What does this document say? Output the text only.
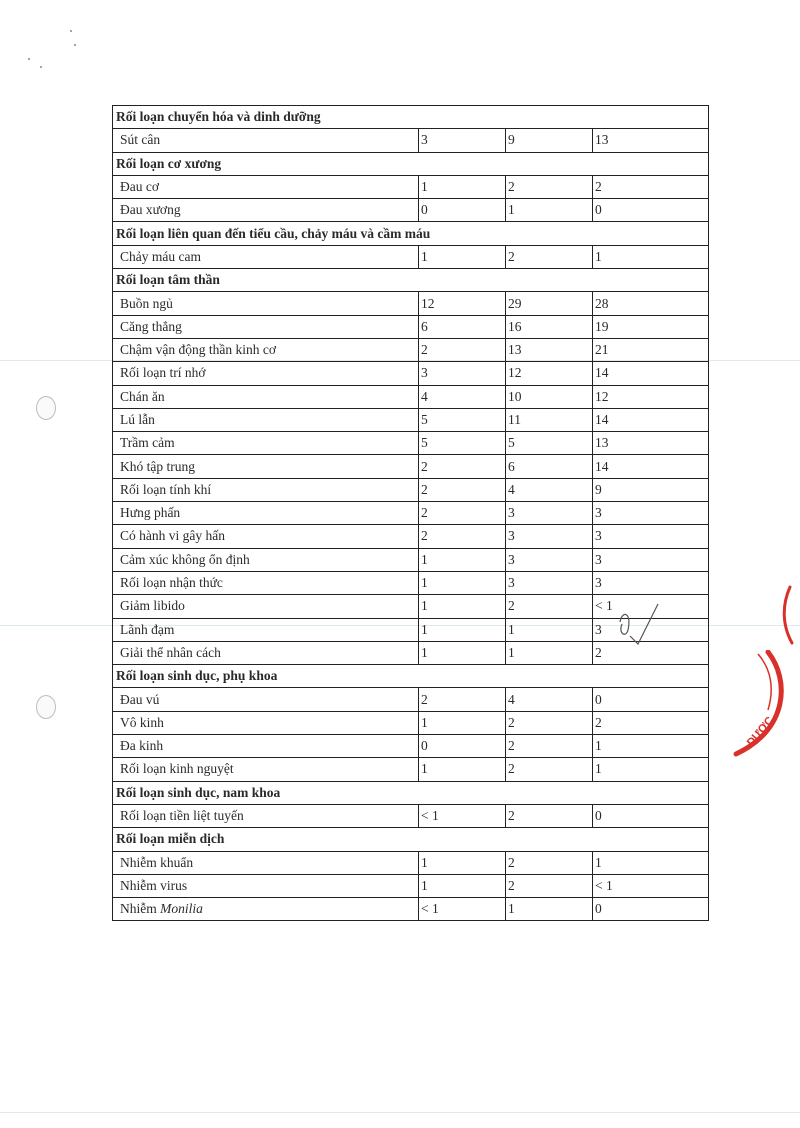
Rối loạn chuyển hóa và dinh dưỡng			
Sút cân	3	9	13
Rối loạn cơ xương			
Đau cơ	1	2	2
Đau xương	0	1	0
Rối loạn liên quan đến tiểu cầu, chảy máu và cầm máu			
Chảy máu cam	1	2	1
Rối loạn tâm thần			
Buồn ngủ	12	29	28
Căng thẳng	6	16	19
Chậm vận động thần kinh cơ	2	13	21
Rối loạn trí nhớ	3	12	14
Chán ăn	4	10	12
Lú lẫn	5	11	14
Trầm cảm	5	5	13
Khó tập trung	2	6	14
Rối loạn tính khí	2	4	9
Hưng phấn	2	3	3
Có hành vi gây hấn	2	3	3
Cảm xúc không ổn định	1	3	3
Rối loạn nhận thức	1	3	3
Giảm libido	1	2	< 1
Lãnh đạm	1	1	3
Giải thể nhân cách	1	1	2
Rối loạn sinh dục, phụ khoa			
Đau vú	2	4	0
Vô kinh	1	2	2
Đa kinh	0	2	1
Rối loạn kinh nguyệt	1	2	1
Rối loạn sinh dục, nam khoa			
Rối loạn tiền liệt tuyến	< 1	2	0
Rối loạn miễn dịch			
Nhiễm khuẩn	1	2	1
Nhiễm virus	1	2	< 1
Nhiễm Monilia	< 1	1	0
DƯỢC
